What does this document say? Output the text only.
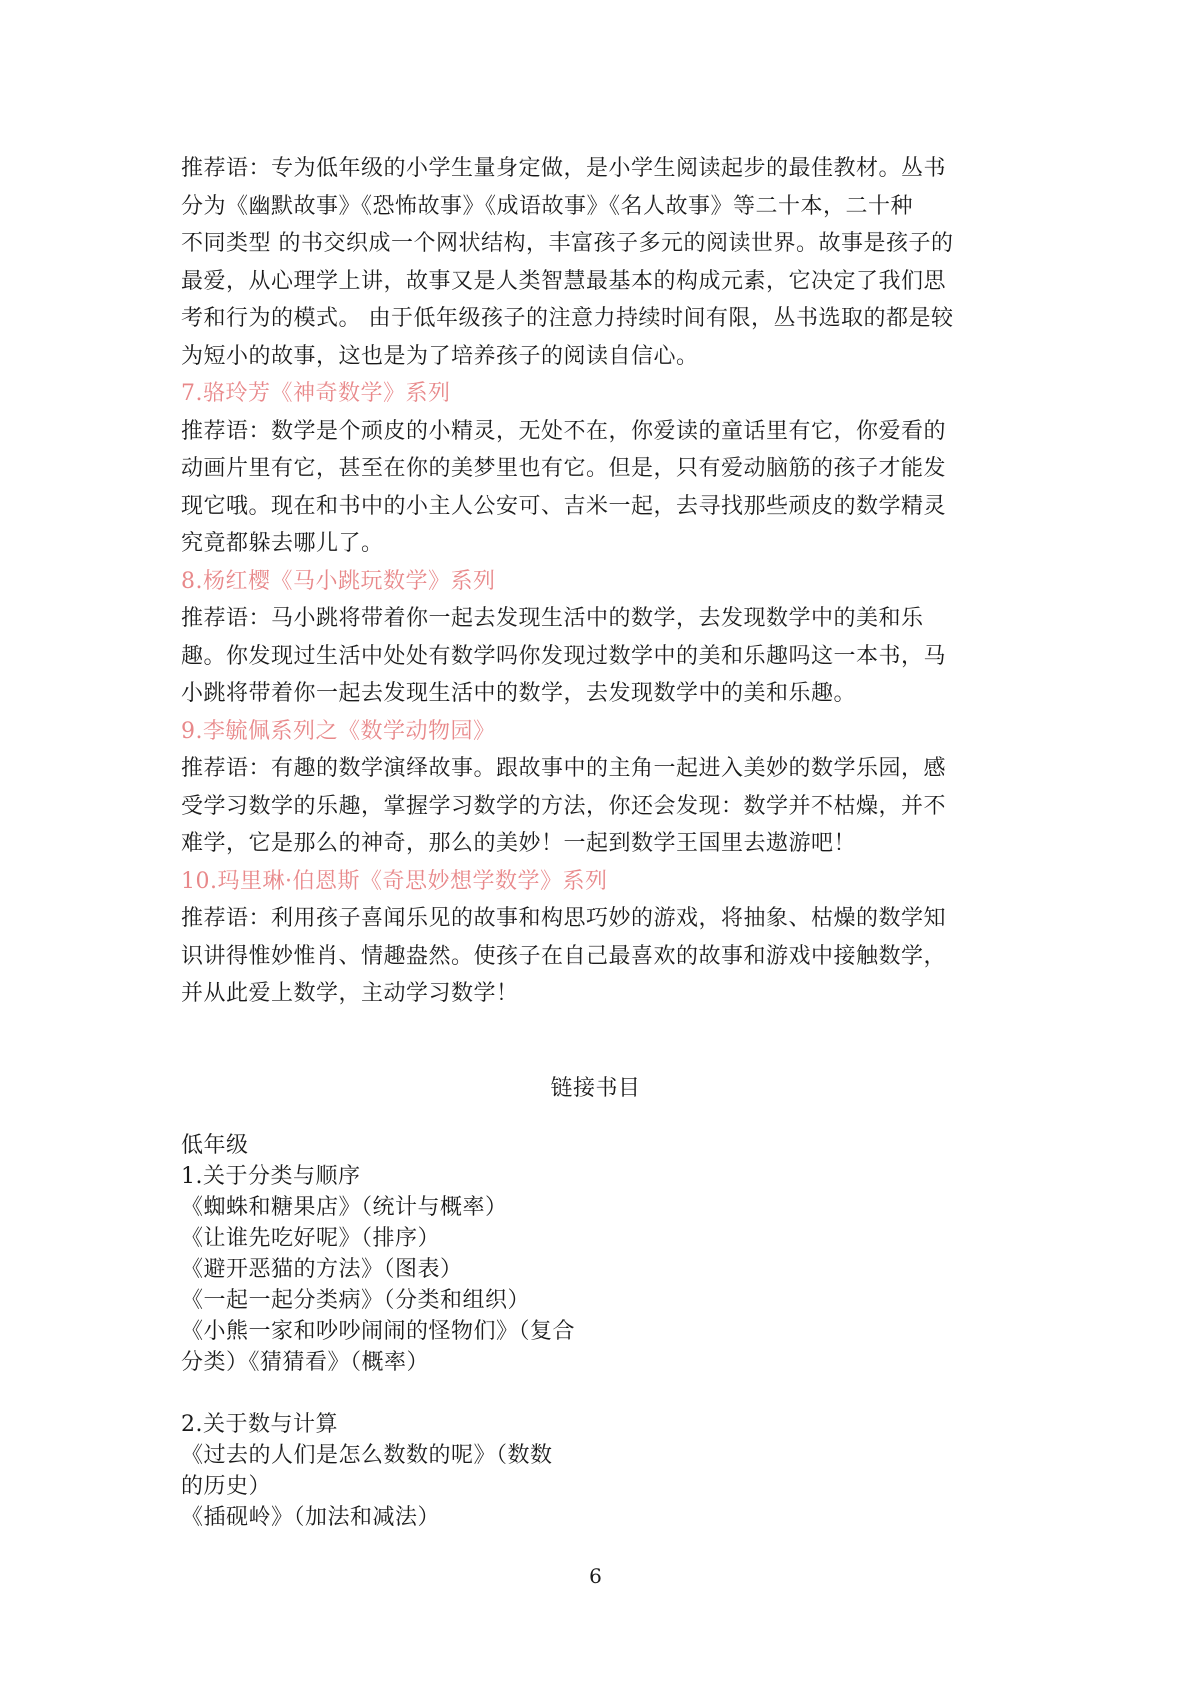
推荐语：专为低年级的小学生量身定做，是小学生阅读起步的最佳教材。丛书
分为《幽默故事》《恐怖故事》《成语故事》《名人故事》等二十本，二十种
不同类型 的书交织成一个网状结构，丰富孩子多元的阅读世界。故事是孩子的
最爱，从心理学上讲，故事又是人类智慧最基本的构成元素，它决定了我们思
考和行为的模式。 由于低年级孩子的注意力持续时间有限，丛书选取的都是较
为短小的故事，这也是为了培养孩子的阅读自信心。
7.骆玲芳《神奇数学》系列
推荐语：数学是个顽皮的小精灵，无处不在，你爱读的童话里有它，你爱看的
动画片里有它，甚至在你的美梦里也有它。但是，只有爱动脑筋的孩子才能发
现它哦。现在和书中的小主人公安可、吉米一起，去寻找那些顽皮的数学精灵
究竟都躲去哪儿了。
8.杨红樱《马小跳玩数学》系列
推荐语：马小跳将带着你一起去发现生活中的数学，去发现数学中的美和乐
趣。你发现过生活中处处有数学吗你发现过数学中的美和乐趣吗这一本书，马
小跳将带着你一起去发现生活中的数学，去发现数学中的美和乐趣。
9.李毓佩系列之《数学动物园》
推荐语：有趣的数学演绎故事。跟故事中的主角一起进入美妙的数学乐园，感
受学习数学的乐趣，掌握学习数学的方法，你还会发现：数学并不枯燥，并不
难学，它是那么的神奇，那么的美妙！一起到数学王国里去遨游吧！
10.玛里琳·伯恩斯《奇思妙想学数学》系列
推荐语：利用孩子喜闻乐见的故事和构思巧妙的游戏，将抽象、枯燥的数学知
识讲得惟妙惟肖、情趣盎然。使孩子在自己最喜欢的故事和游戏中接触数学，
并从此爱上数学，主动学习数学！
链接书目
低年级
1.关于分类与顺序
《蜘蛛和糖果店》（统计与概率）
《让谁先吃好呢》（排序）
《避开恶猫的方法》（图表）
《一起一起分类病》（分类和组织）
《小熊一家和吵吵闹闹的怪物们》（复合
分类）《猜猜看》（概率）
2.关于数与计算
《过去的人们是怎么数数的呢》（数数
的历史）
《插砚岭》（加法和减法）
6
